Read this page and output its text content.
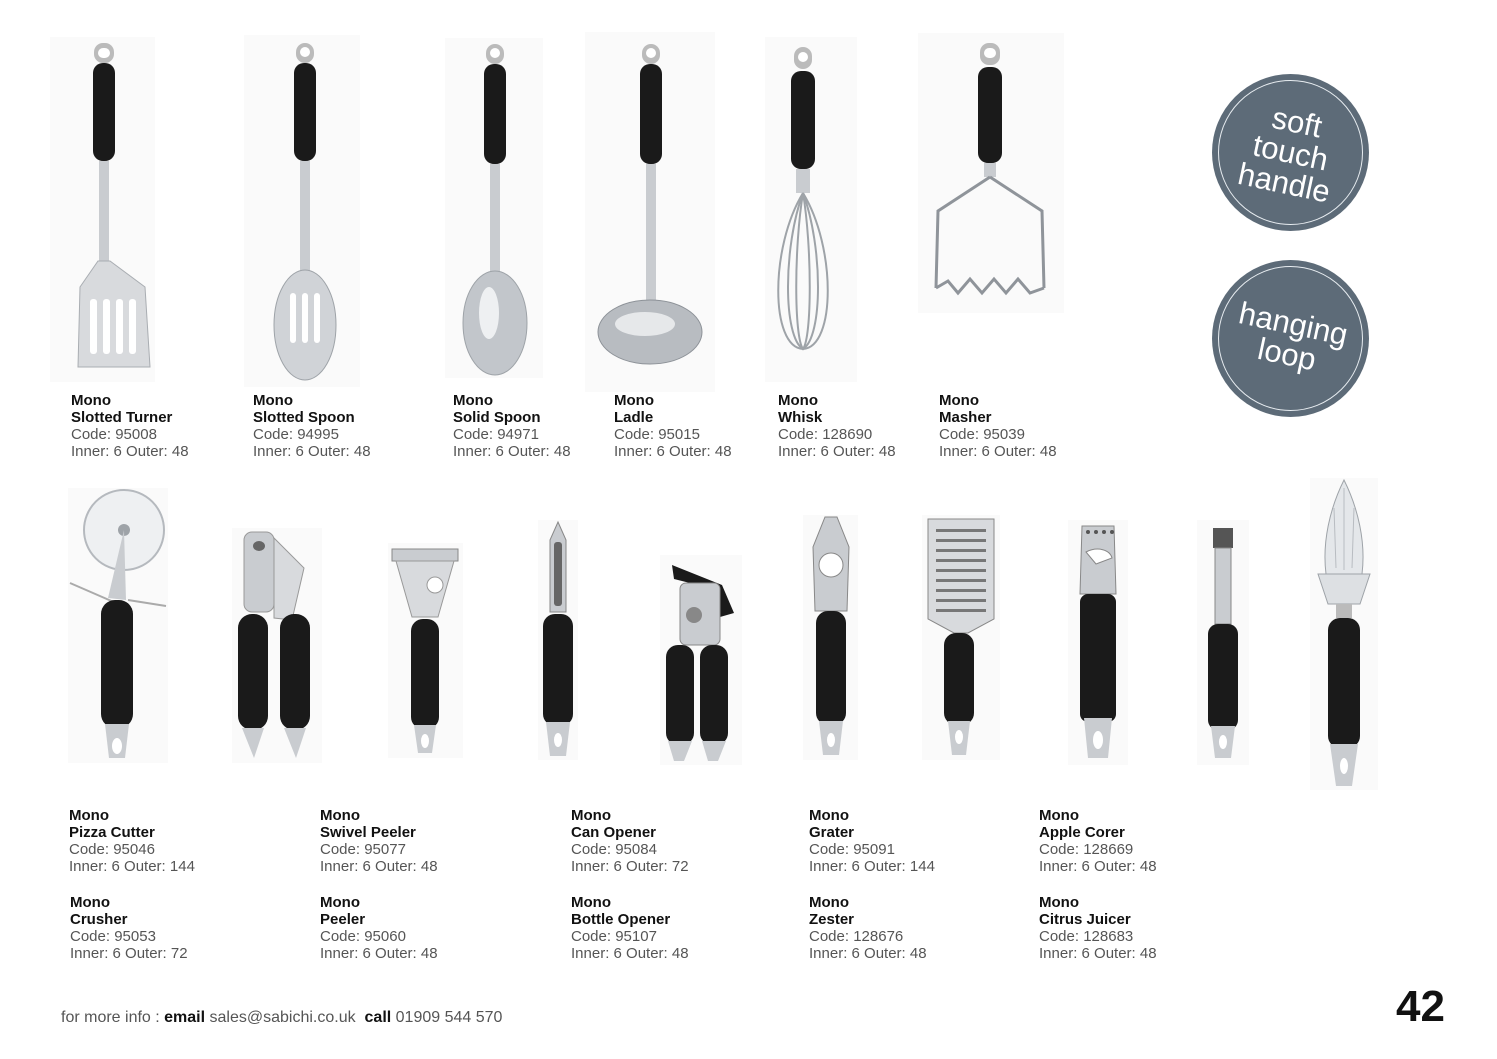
soft
touch
handle
hanging
loop
Mono
Slotted Turner
Code: 95008
Inner: 6 Outer: 48
Mono
Slotted Spoon
Code: 94995
Inner: 6 Outer: 48
Mono
Solid Spoon
Code: 94971
Inner: 6 Outer: 48
Mono
Ladle
Code: 95015
Inner: 6 Outer: 48
Mono
Whisk
Code: 128690
Inner: 6 Outer: 48
Mono
Masher
Code: 95039
Inner: 6 Outer: 48
Mono
Pizza Cutter
Code: 95046
Inner: 6 Outer: 144
Mono
Swivel Peeler
Code: 95077
Inner: 6 Outer: 48
Mono
Can Opener
Code: 95084
Inner: 6 Outer: 72
Mono
Grater
Code: 95091
Inner: 6 Outer: 144
Mono
Apple Corer
Code: 128669
Inner: 6 Outer: 48
Mono
Crusher
Code: 95053
Inner: 6 Outer: 72
Mono
Peeler
Code: 95060
Inner: 6 Outer: 48
Mono
Bottle Opener
Code: 95107
Inner: 6 Outer: 48
Mono
Zester
Code: 128676
Inner: 6 Outer: 48
Mono
Citrus Juicer
Code: 128683
Inner: 6 Outer: 48
for more info : email sales@sabichi.co.uk call 01909 544 570	42
